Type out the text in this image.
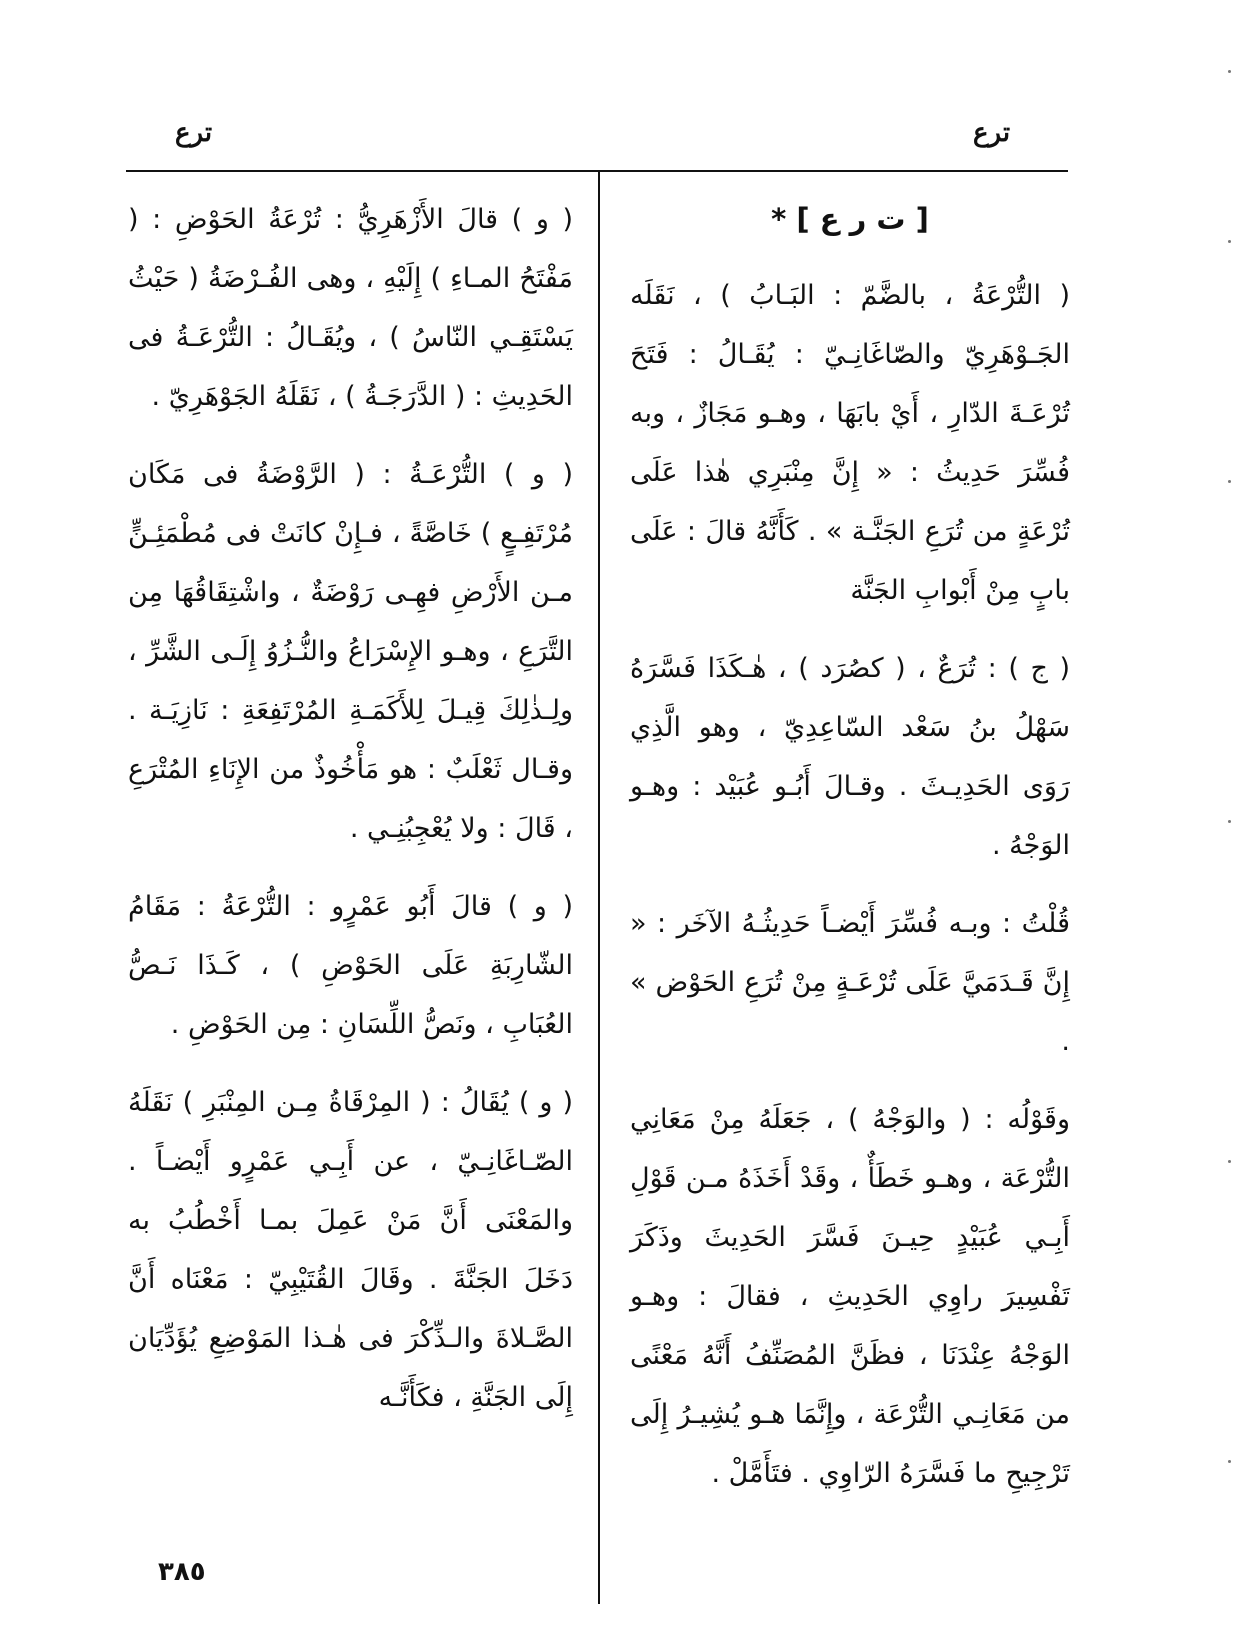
ترع
ترع
[ ت ر ع ] *

( التُّرْعَةُ ، بالضَّمّ : البَـابُ ) ، نَقَلَه الجَـوْهَرِيّ والصّاغَانِـيّ : يُقَـالُ : فَتَحَ تُرْعَـةَ الدّارِ ، أَيْ بابَهَا ، وهـو مَجَازٌ ، وبه فُسِّرَ حَدِيثُ : « إِنَّ مِنْبَرِي هٰذا عَلَى تُرْعَةٍ من تُرَعِ الجَنَّـة » . كَأَنَّهُ قالَ : عَلَى بابٍ مِنْ أَبْوابِ الجَنَّة

( ج ) : تُرَعٌ ، ( كصُرَد ) ، هٰـكَذَا فَسَّرَهُ سَهْلُ بنُ سَعْد السّاعِدِيّ ، وهو الَّذِي رَوَى الحَدِيـثَ . وقـالَ أَبُـو عُبَيْد : وهـو الوَجْهُ .

قُلْتُ : وبـه فُسِّرَ أَيْضـاً حَدِيثُـهُ الآخَر : « إِنَّ قَـدَمَيَّ عَلَى تُرْعَـةٍ مِنْ تُرَعِ الحَوْض » .

وقَوْلُه : ( والوَجْهُ ) ، جَعَلَهُ مِنْ مَعَانِي التُّرْعَة ، وهـو خَطَأٌ ، وقَدْ أَخَذَهُ مـن قَوْلِ أَبِـي عُبَيْدٍ حِيـنَ فَسَّرَ الحَدِيثَ وذَكَرَ تَفْسِيرَ راوِي الحَدِيثِ ، فقالَ : وهـو الوَجْهُ عِنْدَنَا ، فظَنَّ المُصَنِّفُ أَنَّهُ مَعْنًى من مَعَانِـي التُّرْعَة ، وإِنَّمَا هـو يُشِيـرُ إِلَى تَرْجِيحِ ما فَسَّرَهُ الرّاوِي . فتَأَمَّلْ .

( و ) قالَ الأَزْهَرِيُّ : تُرْعَةُ الحَوْضِ : ( مَفْتَحُ المـاءِ ) إِلَيْهِ ، وهى الفُـرْضَةُ ( حَيْثُ يَسْتَقِـي النّاسُ ) ، ويُقَـالُ : التُّرْعَـةُ فى الحَدِيثِ : ( الدَّرَجَـةُ ) ، نَقَلَهُ الجَوْهَرِيّ .

( و ) التُّرْعَـةُ : ( الرَّوْضَةُ فى مَكَان مُرْتَفِـعٍ ) خَاصَّةً ، فـإِنْ كانَتْ فى مُطْمَئِـنٍّ مـن الأَرْضِ فهِـى رَوْضَةٌ ، واشْتِقَاقُهَا مِن التَّرَعِ ، وهـو الإِسْرَاعُ والنُّـزُوُ إِلَـى الشَّرِّ ، ولِـذٰلِكَ قِيـلَ لِلأَكَمَـةِ المُرْتَفِعَةِ : نَازِيَـة . وقـال ثَعْلَبٌ : هو مَأْخُوذٌ من الإِنَاءِ المُتْرَعِ ، قَالَ : ولا يُعْجِبُنِـي .

( و ) قالَ أَبُو عَمْرٍو : التُّرْعَةُ : مَقَامُ الشّارِبَةِ عَلَى الحَوْضِ ) ، كَـذَا نَـصُّ العُبَابِ ، ونَصُّ اللِّسَانِ : مِن الحَوْضِ .

( و ) يُقَالُ : ( المِرْقَاةُ مِـن المِنْبَرِ ) نَقَلَهُ الصّـاغَانِـيّ ، عن أَبِـي عَمْرٍو أَيْضـاً . والمَعْنَى أَنَّ مَنْ عَمِلَ بمـا أَخْطُبُ به دَخَلَ الجَنَّةَ . وقَالَ القُتَيْبِيّ : مَعْنَاه أَنَّ الصَّـلاةَ والـذِّكْرَ فى هٰـذا المَوْضِعِ يُؤَدِّيَان إِلَى الجَنَّةِ ، فكَأَنَّـه

٣٨٥
